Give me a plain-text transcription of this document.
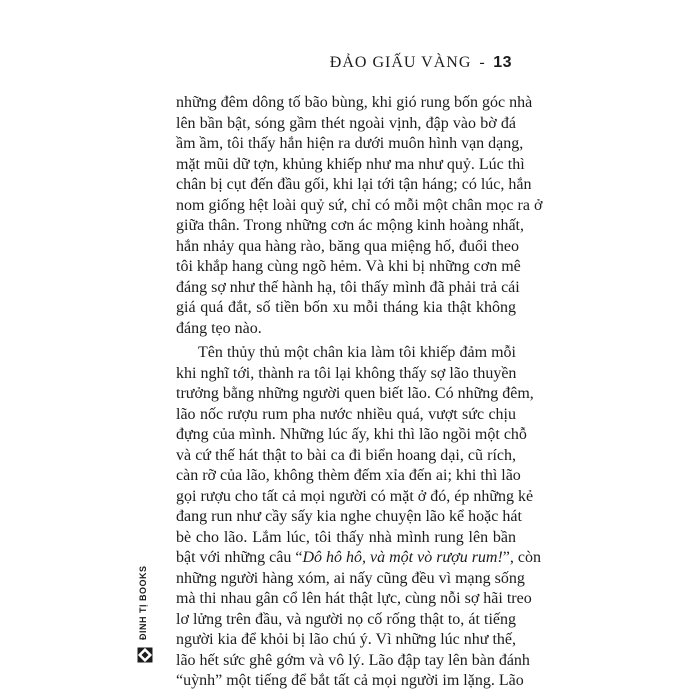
ĐẢO GIẤU VÀNG - 13

những đêm dông tố bão bùng, khi gió rung bốn góc nhà
lên bần bật, sóng gầm thét ngoài vịnh, đập vào bờ đá
ầm ầm, tôi thấy hắn hiện ra dưới muôn hình vạn dạng,
mặt mũi dữ tợn, khủng khiếp như ma như quỷ. Lúc thì
chân bị cụt đến đầu gối, khi lại tới tận háng; có lúc, hắn
nom giống hệt loài quỷ sứ, chỉ có mỗi một chân mọc ra ở
giữa thân. Trong những cơn ác mộng kinh hoàng nhất,
hắn nhảy qua hàng rào, băng qua miệng hố, đuổi theo
tôi khắp hang cùng ngõ hẻm. Và khi bị những cơn mê
đáng sợ như thế hành hạ, tôi thấy mình đã phải trả cái
giá quá đắt, số tiền bốn xu mỗi tháng kia thật không
đáng tẹo nào.

Tên thủy thủ một chân kia làm tôi khiếp đảm mỗi
khi nghĩ tới, thành ra tôi lại không thấy sợ lão thuyền
trưởng bằng những người quen biết lão. Có những đêm,
lão nốc rượu rum pha nước nhiều quá, vượt sức chịu
đựng của mình. Những lúc ấy, khi thì lão ngồi một chỗ
và cứ thế hát thật to bài ca đi biển hoang dại, cũ rích,
càn rỡ của lão, không thèm đếm xỉa đến ai; khi thì lão
gọi rượu cho tất cả mọi người có mặt ở đó, ép những kẻ
đang run như cầy sấy kia nghe chuyện lão kể hoặc hát
bè cho lão. Lắm lúc, tôi thấy nhà mình rung lên bần
bật với những câu “Dô hô hô, và một vò rượu rum!”, còn
những người hàng xóm, ai nấy cũng đều vì mạng sống
mà thi nhau gân cổ lên hát thật lực, cùng nỗi sợ hãi treo
lơ lửng trên đầu, và người nọ cố rống thật to, át tiếng
người kia để khỏi bị lão chú ý. Vì những lúc như thế,
lão hết sức ghê gớm và vô lý. Lão đập tay lên bàn đánh
“uỳnh” một tiếng để bắt tất cả mọi người im lặng. Lão

ĐINH TỊ BOOKS
